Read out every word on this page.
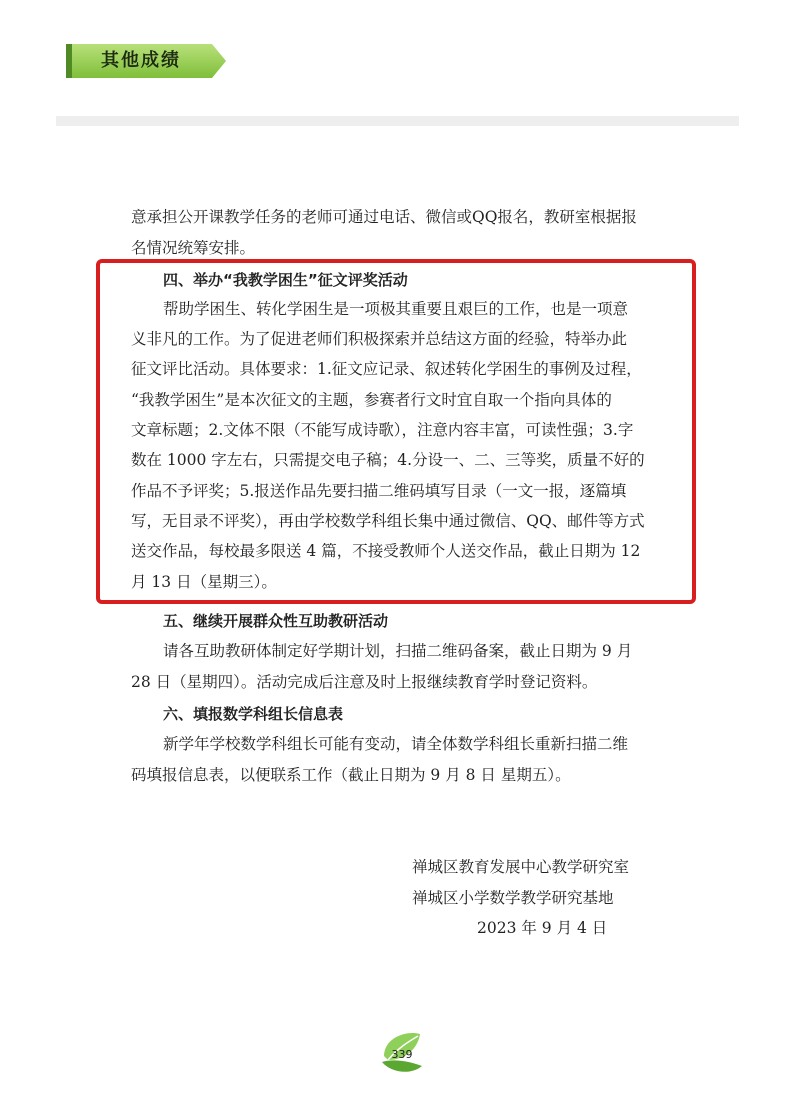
其他成绩
意承担公开课教学任务的老师可通过电话、微信或QQ报名，教研室根据报
名情况统筹安排。
四、举办“我教学困生”征文评奖活动
帮助学困生、转化学困生是一项极其重要且艰巨的工作，也是一项意
义非凡的工作。为了促进老师们积极探索并总结这方面的经验，特举办此
征文评比活动。具体要求：1.征文应记录、叙述转化学困生的事例及过程，
“我教学困生”是本次征文的主题，参赛者行文时宜自取一个指向具体的
文章标题；2.文体不限（不能写成诗歌），注意内容丰富，可读性强；3.字
数在 1000 字左右，只需提交电子稿；4.分设一、二、三等奖，质量不好的
作品不予评奖；5.报送作品先要扫描二维码填写目录（一文一报，逐篇填
写，无目录不评奖），再由学校数学科组长集中通过微信、QQ、邮件等方式
送交作品，每校最多限送 4 篇，不接受教师个人送交作品，截止日期为 12
月 13 日（星期三）。
五、继续开展群众性互助教研活动
请各互助教研体制定好学期计划，扫描二维码备案，截止日期为 9 月
28 日（星期四）。活动完成后注意及时上报继续教育学时登记资料。
六、填报数学科组长信息表
新学年学校数学科组长可能有变动，请全体数学科组长重新扫描二维
码填报信息表，以便联系工作（截止日期为 9 月 8 日 星期五）。
禅城区教育发展中心教学研究室
禅城区小学数学教学研究基地
2023 年 9 月 4 日
339
